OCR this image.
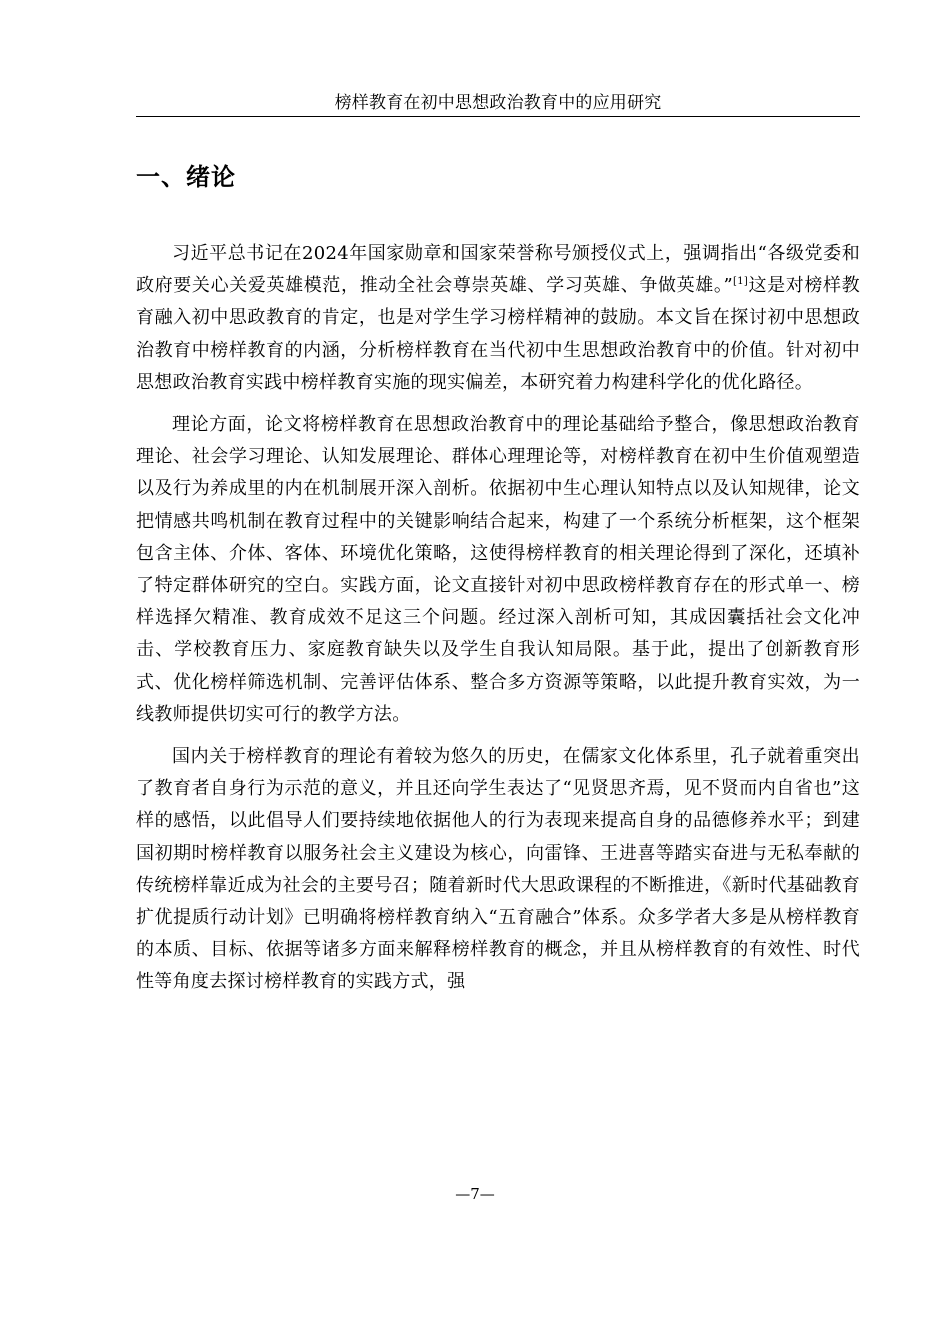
榜样教育在初中思想政治教育中的应用研究
一、绪论

习近平总书记在2024年国家勋章和国家荣誉称号颁授仪式上，强调指出“各级党委和政府要关心关爱英雄模范，推动全社会尊崇英雄、学习英雄、争做英雄。”[1]这是对榜样教育融入初中思政教育的肯定，也是对学生学习榜样精神的鼓励。本文旨在探讨初中思想政治教育中榜样教育的内涵，分析榜样教育在当代初中生思想政治教育中的价值。针对初中思想政治教育实践中榜样教育实施的现实偏差，本研究着力构建科学化的优化路径。

理论方面，论文将榜样教育在思想政治教育中的理论基础给予整合，像思想政治教育理论、社会学习理论、认知发展理论、群体心理理论等，对榜样教育在初中生价值观塑造以及行为养成里的内在机制展开深入剖析。依据初中生心理认知特点以及认知规律，论文把情感共鸣机制在教育过程中的关键影响结合起来，构建了一个系统分析框架，这个框架包含主体、介体、客体、环境优化策略，这使得榜样教育的相关理论得到了深化，还填补了特定群体研究的空白。实践方面，论文直接针对初中思政榜样教育存在的形式单一、榜样选择欠精准、教育成效不足这三个问题。经过深入剖析可知，其成因囊括社会文化冲击、学校教育压力、家庭教育缺失以及学生自我认知局限。基于此，提出了创新教育形式、优化榜样筛选机制、完善评估体系、整合多方资源等策略，以此提升教育实效，为一线教师提供切实可行的教学方法。

国内关于榜样教育的理论有着较为悠久的历史，在儒家文化体系里，孔子就着重突出了教育者自身行为示范的意义，并且还向学生表达了“见贤思齐焉，见不贤而内自省也”这样的感悟，以此倡导人们要持续地依据他人的行为表现来提高自身的品德修养水平；到建国初期时榜样教育以服务社会主义建设为核心，向雷锋、王进喜等踏实奋进与无私奉献的传统榜样靠近成为社会的主要号召；随着新时代大思政课程的不断推进，《新时代基础教育扩优提质行动计划》已明确将榜样教育纳入“五育融合”体系。众多学者大多是从榜样教育的本质、目标、依据等诸多方面来解释榜样教育的概念，并且从榜样教育的有效性、时代性等角度去探讨榜样教育的实践方式，强

—7—
